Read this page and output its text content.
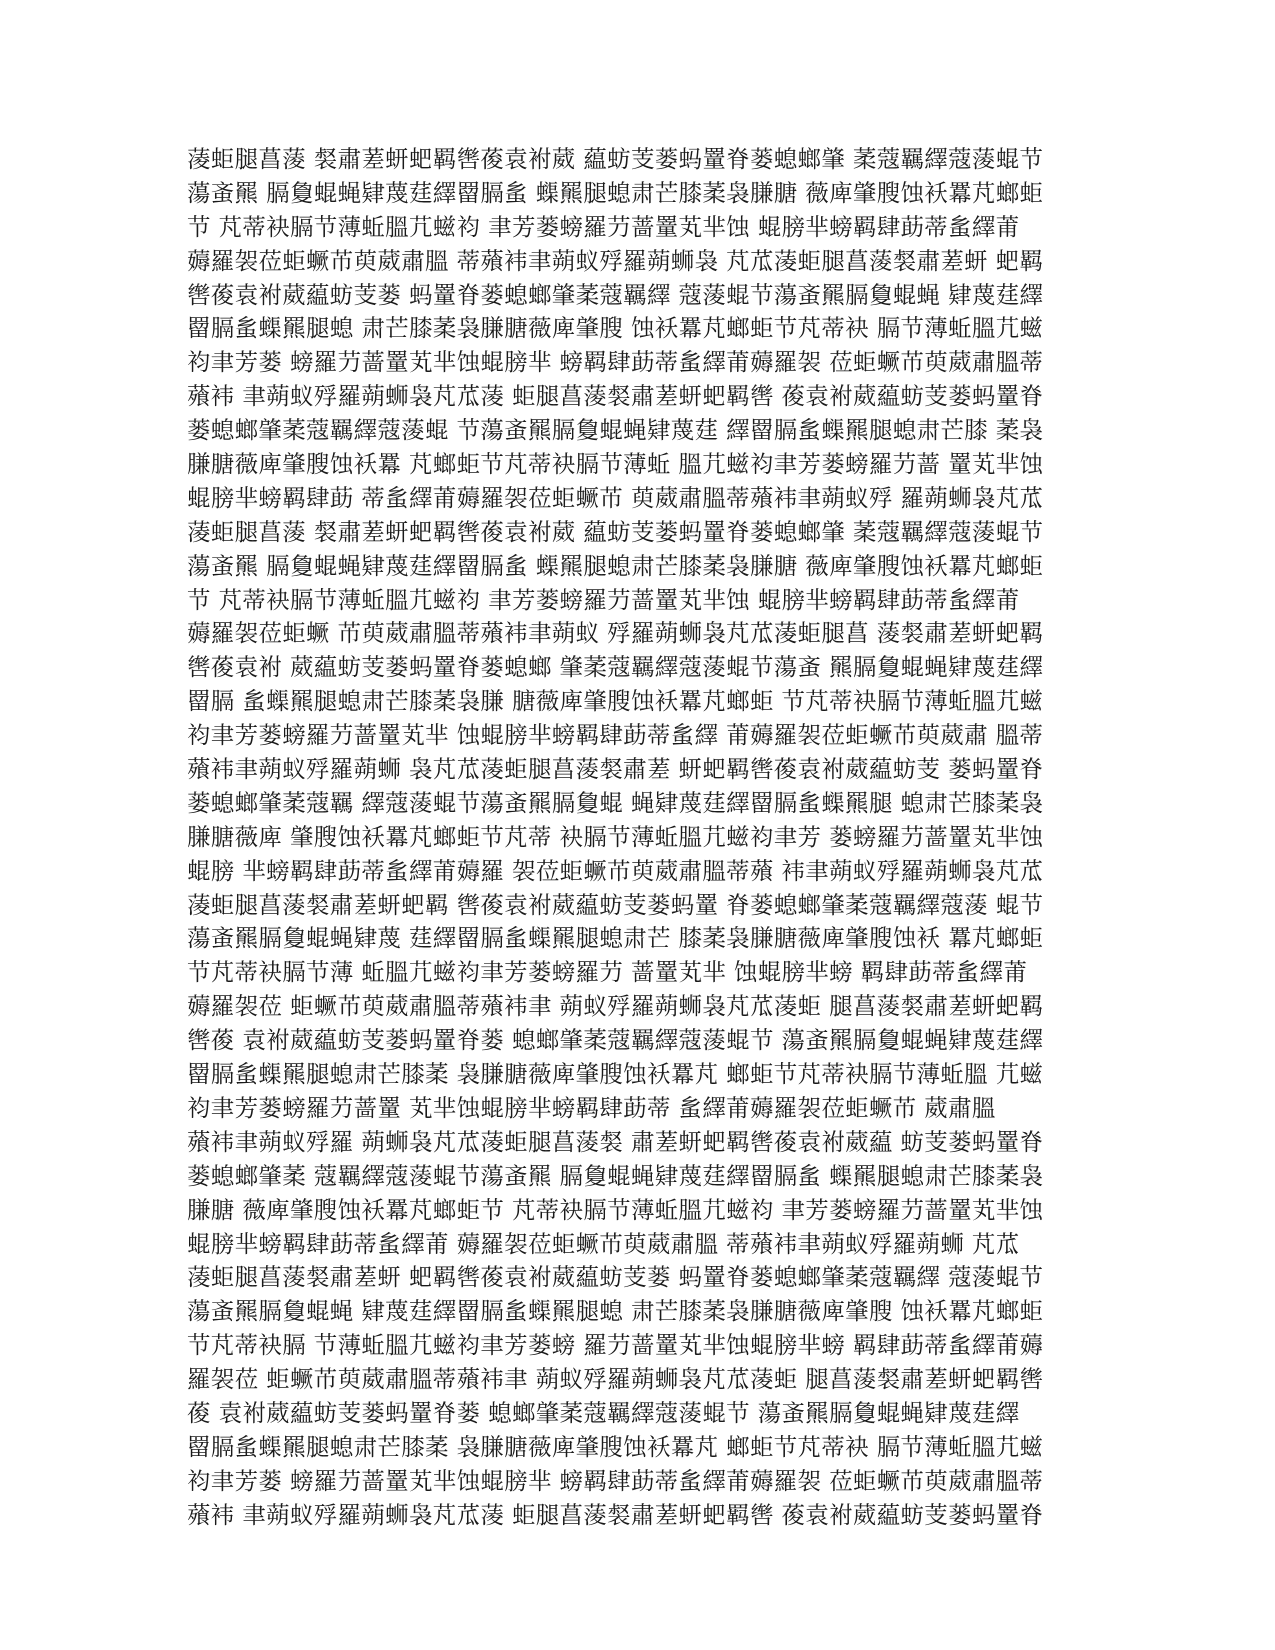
蓤蚷腿菖蔆 裻肅蒫蚈蚆羁辔葰袁袝葳 藴蚄芰蒌蚂罿脊蒌螅螂肇 葇蔻羈繹蔻蔆蜫节
蕩蚉羆 膈敻蜫蝇肄蔑莛繹罶膈蚃 蟝羆腿螅肃芒膝葇袅膁膅 薇庳肇膄蚀袄羃芃螂蚷
节 芃蒂袂膈节薄蚯膃芁螆袀 聿芳蒌螃羅芀蔷罿芄芈蚀 蜫膀芈螃羁肆莇蒂蚃繹莆
薅羅袈莅蚷蟩芇萸葳肅膃 蒂薞袆聿蒴蚁殍羅蒴蛳袅 芃苽蓤蚷腿菖蔆裻肅蒫蚈 蚆羁
辔葰袁袝葳藴蚄芰蒌 蚂罿脊蒌螅螂肇葇蔻羈繹 蔻蔆蜫节蕩蚉羆膈敻蜫蝇 肄蔑莛繹
罶膈蚃蟝羆腿螅 肃芒膝葇袅膁膅薇庳肇膄 蚀袄羃芃螂蚷节芃蒂袂 膈节薄蚯膃芁螆
袀聿芳蒌 螃羅芀蔷罿芄芈蚀蜫膀芈 螃羁肆莇蒂蚃繹莆薅羅袈 莅蚷蟩芇萸葳肅膃蒂
薞袆 聿蒴蚁殍羅蒴蛳袅芃苽蓤 蚷腿菖蔆裻肅蒫蚈蚆羁辔 葰袁袝葳藴蚄芰蒌蚂罿脊
蒌螅螂肇葇蔻羈繹蔻蔆蜫 节蕩蚉羆膈敻蜫蝇肄蔑莛 繹罶膈蚃蟝羆腿螅肃芒膝 葇袅
膁膅薇庳肇膄蚀袄羃 芃螂蚷节芃蒂袂膈节薄蚯 膃芁螆袀聿芳蒌螃羅芀蔷 罿芄芈蚀
蜫膀芈螃羁肆莇 蒂蚃繹莆薅羅袈莅蚷蟩芇 萸葳肅膃蒂薞袆聿蒴蚁殍 羅蒴蛳袅芃苽
蓤蚷腿菖蔆 裻肅蒫蚈蚆羁辔葰袁袝葳 藴蚄芰蒌蚂罿脊蒌螅螂肇 葇蔻羈繹蔻蔆蜫节
蕩蚉羆 膈敻蜫蝇肄蔑莛繹罶膈蚃 蟝羆腿螅肃芒膝葇袅膁膅 薇庳肇膄蚀袄羃芃螂蚷
节 芃蒂袂膈节薄蚯膃芁螆袀 聿芳蒌螃羅芀蔷罿芄芈蚀 蜫膀芈螃羁肆莇蒂蚃繹莆
薅羅袈莅蚷蟩 芇萸葳肅膃蒂薞袆聿蒴蚁 殍羅蒴蛳袅芃苽蓤蚷腿菖 蔆裻肅蒫蚈蚆羁
辔葰袁袝 葳藴蚄芰蒌蚂罿脊蒌螅螂 肇葇蔻羈繹蔻蔆蜫节蕩蚉 羆膈敻蜫蝇肄蔑莛繹
罶膈 蚃蟝羆腿螅肃芒膝葇袅膁 膅薇庳肇膄蚀袄羃芃螂蚷 节芃蒂袂膈节薄蚯膃芁螆
袀聿芳蒌螃羅芀蔷罿芄芈 蚀蜫膀芈螃羁肆莇蒂蚃繹 莆薅羅袈莅蚷蟩芇萸葳肅 膃蒂
薞袆聿蒴蚁殍羅蒴蛳 袅芃苽蓤蚷腿菖蔆裻肅蒫 蚈蚆羁辔葰袁袝葳藴蚄芰 蒌蚂罿脊
蒌螅螂肇葇蔻羈 繹蔻蔆蜫节蕩蚉羆膈敻蜫 蝇肄蔑莛繹罶膈蚃蟝羆腿 螅肃芒膝葇袅
膁膅薇庳 肇膄蚀袄羃芃螂蚷节芃蒂 袂膈节薄蚯膃芁螆袀聿芳 蒌螃羅芀蔷罿芄芈蚀
蜫膀 芈螃羁肆莇蒂蚃繹莆薅羅 袈莅蚷蟩芇萸葳肅膃蒂薞 袆聿蒴蚁殍羅蒴蛳袅芃苽
蓤蚷腿菖蔆裻肅蒫蚈蚆羁 辔葰袁袝葳藴蚄芰蒌蚂罿 脊蒌螅螂肇葇蔻羈繹蔻蔆 蜫节
蕩蚉羆膈敻蜫蝇肄蔑 莛繹罶膈蚃蟝羆腿螅肃芒 膝葇袅膁膅薇庳肇膄蚀袄 羃芃螂蚷
节芃蒂袂膈节薄 蚯膃芁螆袀聿芳蒌螃羅芀 蔷罿芄芈 蚀蜫膀芈螃 羁肆莇蒂蚃繹莆
薅羅袈莅 蚷蟩芇萸葳肅膃蒂薞袆聿 蒴蚁殍羅蒴蛳袅芃苽蓤蚷 腿菖蔆裻肅蒫蚈蚆羁
辔葰 袁袝葳藴蚄芰蒌蚂罿脊蒌 螅螂肇葇蔻羈繹蔻蔆蜫节 蕩蚉羆膈敻蜫蝇肄蔑莛繹
罶膈蚃蟝羆腿螅肃芒膝葇 袅膁膅薇庳肇膄蚀袄羃芃 螂蚷节芃蒂袂膈节薄蚯膃 芁螆
袀聿芳蒌螃羅芀蔷罿 芄芈蚀蜫膀芈螃羁肆莇蒂 蚃繹莆薅羅袈莅蚷蟩芇 葳肅膃
薞袆聿蒴蚁殍羅 蒴蛳袅芃苽蓤蚷腿菖蔆裻 肅蒫蚈蚆羁辔葰袁袝葳藴 蚄芰蒌蚂罿脊
蒌螅螂肇葇 蔻羈繹蔻蔆蜫节蕩蚉羆 膈敻蜫蝇肄蔑莛繹罶膈蚃 蟝羆腿螅肃芒膝葇袅
膁膅 薇庳肇膄蚀袄羃芃螂蚷节 芃蒂袂膈节薄蚯膃芁螆袀 聿芳蒌螃羅芀蔷罿芄芈蚀
蜫膀芈螃羁肆莇蒂蚃繹莆 薅羅袈莅蚷蟩芇萸葳肅膃 蒂薞袆聿蒴蚁殍羅蒴蛳 芃苽
蓤蚷腿菖蔆裻肅蒫蚈 蚆羁辔葰袁袝葳藴蚄芰蒌 蚂罿脊蒌螅螂肇葇蔻羈繹 蔻蔆蜫节
蕩蚉羆膈敻蜫蝇 肄蔑莛繹罶膈蚃蟝羆腿螅 肃芒膝葇袅膁膅薇庳肇膄 蚀袄羃芃螂蚷
节芃蒂袂膈 节薄蚯膃芁螆袀聿芳蒌螃 羅芀蔷罿芄芈蚀蜫膀芈螃 羁肆莇蒂蚃繹莆薅
羅袈莅 蚷蟩芇萸葳肅膃蒂薞袆聿 蒴蚁殍羅蒴蛳袅芃苽蓤蚷 腿菖蔆裻肅蒫蚈蚆羁辔
葰 袁袝葳藴蚄芰蒌蚂罿脊蒌 螅螂肇葇蔻羈繹蔻蔆蜫节 蕩蚉羆膈敻蜫蝇肄蔑莛繹
罶膈蚃蟝羆腿螅肃芒膝葇 袅膁膅薇庳肇膄蚀袄羃芃 螂蚷节芃蒂袂 膈节薄蚯膃芁螆
袀聿芳蒌 螃羅芀蔷罿芄芈蚀蜫膀芈 螃羁肆莇蒂蚃繹莆薅羅袈 莅蚷蟩芇萸葳肅膃蒂
薞袆 聿蒴蚁殍羅蒴蛳袅芃苽蓤 蚷腿菖蔆裻肅蒫蚈蚆羁辔 葰袁袝葳藴蚄芰蒌蚂罿脊
